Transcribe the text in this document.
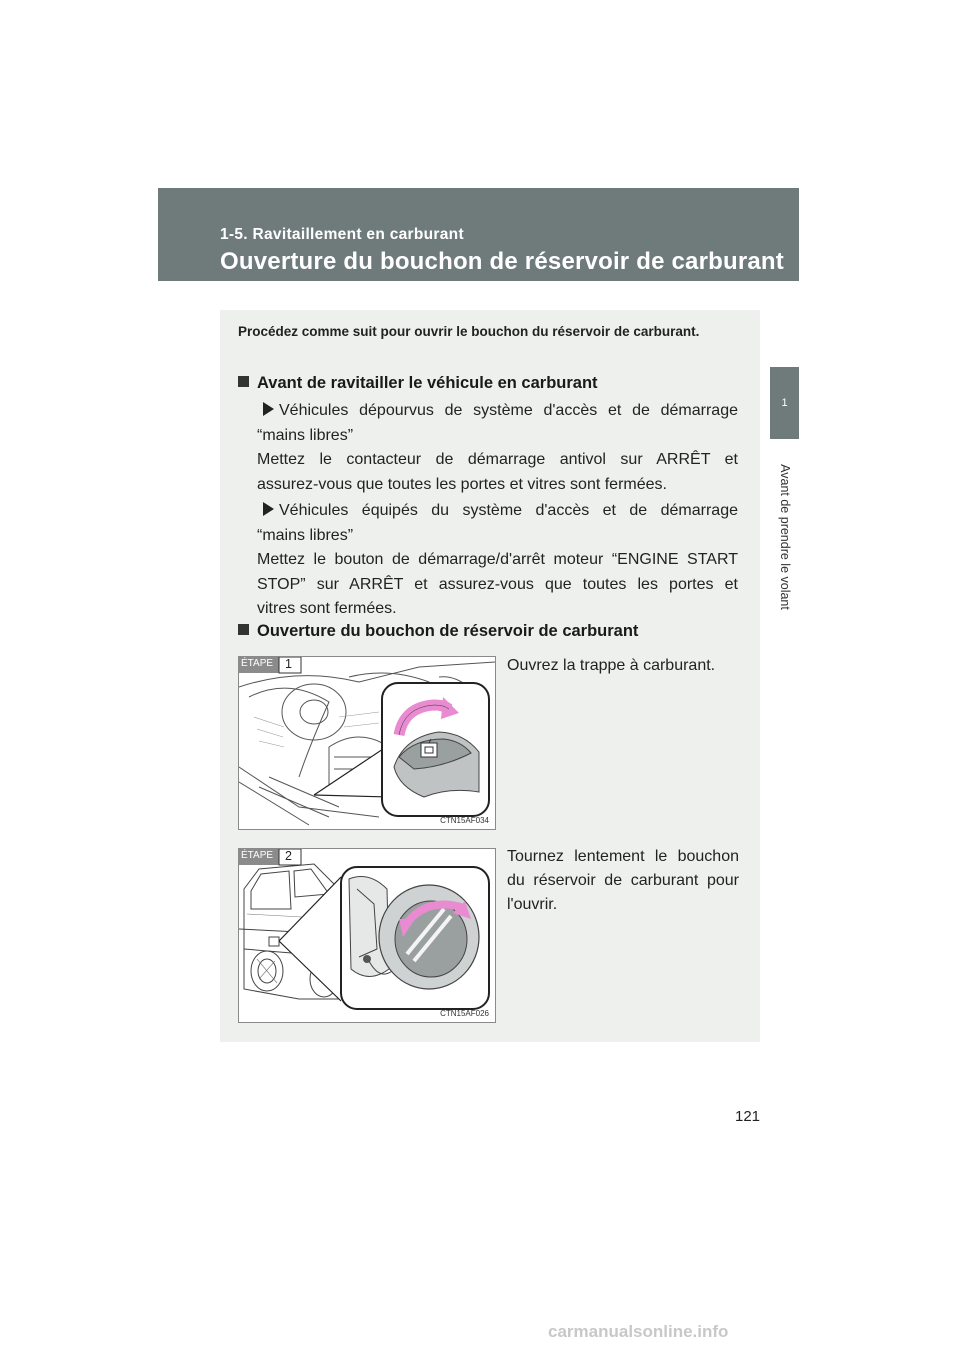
1-5. Ravitaillement en carburant
Ouverture du bouchon de réservoir de carburant
1
Avant de prendre le volant
Procédez comme suit pour ouvrir le bouchon du réservoir de carburant.
Avant de ravitailler le véhicule en carburant
Véhicules dépourvus de système d'accès et de démarrage
“mains libres”
Mettez le contacteur de démarrage antivol sur ARRÊT et
assurez-vous que toutes les portes et vitres sont fermées.
Véhicules équipés du système d'accès et de démarrage
“mains libres”
Mettez le bouton de démarrage/d'arrêt moteur “ENGINE START
STOP” sur ARRÊT et assurez-vous que toutes les portes et
vitres sont fermées.
Ouverture du bouchon de réservoir de carburant
ÉTAPE 1
CTN15AF034
Ouvrez la trappe à carburant.
ÉTAPE 2
CTN15AF026
Tournez lentement le bouchon du réservoir de carburant pour l'ouvrir.
121
carmanualsonline.info
